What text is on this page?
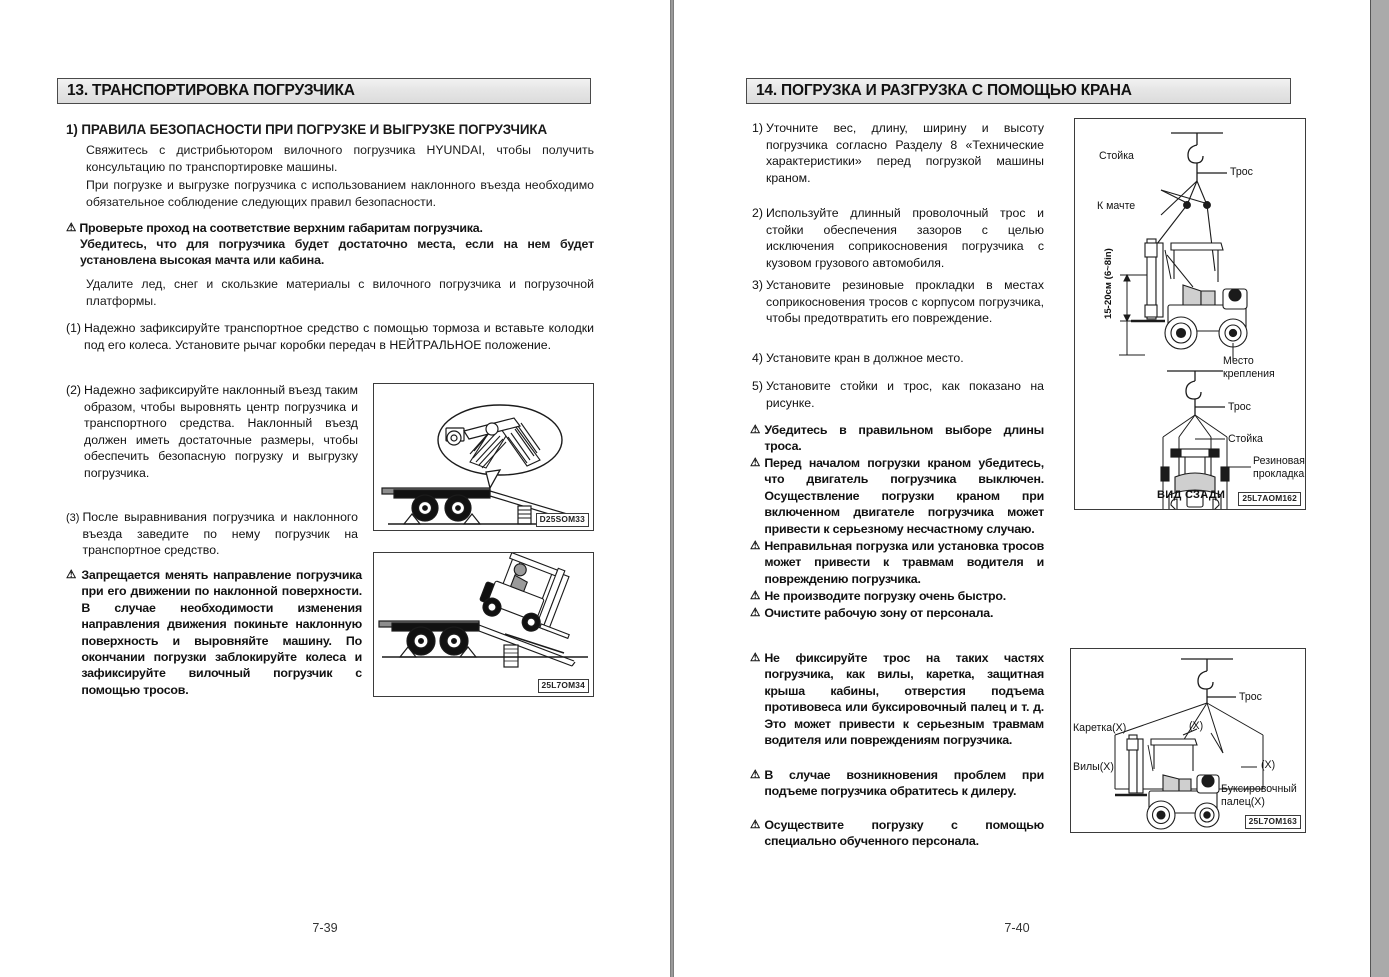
13. ТРАНСПОРТИРОВКА ПОГРУЗЧИКА
1) ПРАВИЛА БЕЗОПАСНОСТИ ПРИ ПОГРУЗКЕ И ВЫГРУЗКЕ ПОГРУЗЧИКА
Свяжитесь с дистрибьютором вилочного погрузчика HYUNDAI, чтобы получить консультацию по транспортировке машины.
При погрузке и выгрузке погрузчика с использованием наклонного въезда необходимо обязательное соблюдение следующих правил безопасности.
⚠ Проверьте проход на соответствие верхним габаритам погрузчика.
Убедитесь, что для погрузчика будет достаточно места, если на нем будет установлена высокая мачта или кабина.
Удалите лед, снег и скользкие материалы с вилочного погрузчика и погрузочной платформы.
(1) Надежно зафиксируйте транспортное средство с помощью тормоза и вставьте колодки под его колеса. Установите рычаг коробки передач в НЕЙТРАЛЬНОЕ положение.
(2) Надежно зафиксируйте наклонный въезд таким образом, чтобы выровнять центр погрузчика и транспортного средства. Наклонный въезд должен иметь достаточные размеры, чтобы обеспечить безопасную погрузку и выгрузку погрузчика.
(3) После выравнивания погрузчика и наклонного въезда заведите по нему погрузчик на транспортное средство.
⚠ Запрещается менять направление погрузчика при его движении по наклонной поверхности. В случае необходимости изменения направления движения покиньте наклонную поверхность и выровняйте машину. По окончании погрузки заблокируйте колеса и зафиксируйте вилочный погрузчик с помощью тросов.
D25SOM33
25L7OM34
7-39
14. ПОГРУЗКА И РАЗГРУЗКА С ПОМОЩЬЮ КРАНА
1) Уточните вес, длину, ширину и высоту погрузчика согласно Разделу 8 «Технические характеристики» перед погрузкой машины краном.
2) Используйте длинный проволочный трос и стойки обеспечения зазоров с целью исключения соприкосновения погрузчика с кузовом грузового автомобиля.
3) Установите резиновые прокладки в местах соприкосновения тросов с корпусом погрузчика, чтобы предотвратить его повреждение.
4) Установите кран в должное место.
5) Установите стойки и трос, как показано на рисунке.
⚠ Убедитесь в правильном выборе длины троса.
⚠ Перед началом погрузки краном убедитесь, что двигатель погрузчика выключен. Осуществление погрузки краном при включенном двигателе погрузчика может привести к серьезному несчастному случаю.
⚠ Неправильная погрузка или установка тросов может привести к травмам водителя и повреждению погрузчика.
⚠ Не производите погрузку очень быстро.
⚠ Очистите рабочую зону от персонала.
⚠ Не фиксируйте трос на таких частях погрузчика, как вилы, каретка, защитная крыша кабины, отверстия подъема противовеса или буксировочный палец и т. д. Это может привести к серьезным травмам водителя или повреждениям погрузчика.
⚠ В случае возникновения проблем при подъеме погрузчика обратитесь к дилеру.
⚠ Осуществите погрузку с помощью специально обученного персонала.
Стойка
Трос
К мачте
Место крепления
15-20см (6~8in)
Трос
Стойка
Резиновая прокладка
ВИД СЗАДИ	25L7AOM162
Трос
Каретка(X)
Вилы(X)
(X)
(X)
Буксировочный палец(X)
25L7OM163
7-40
